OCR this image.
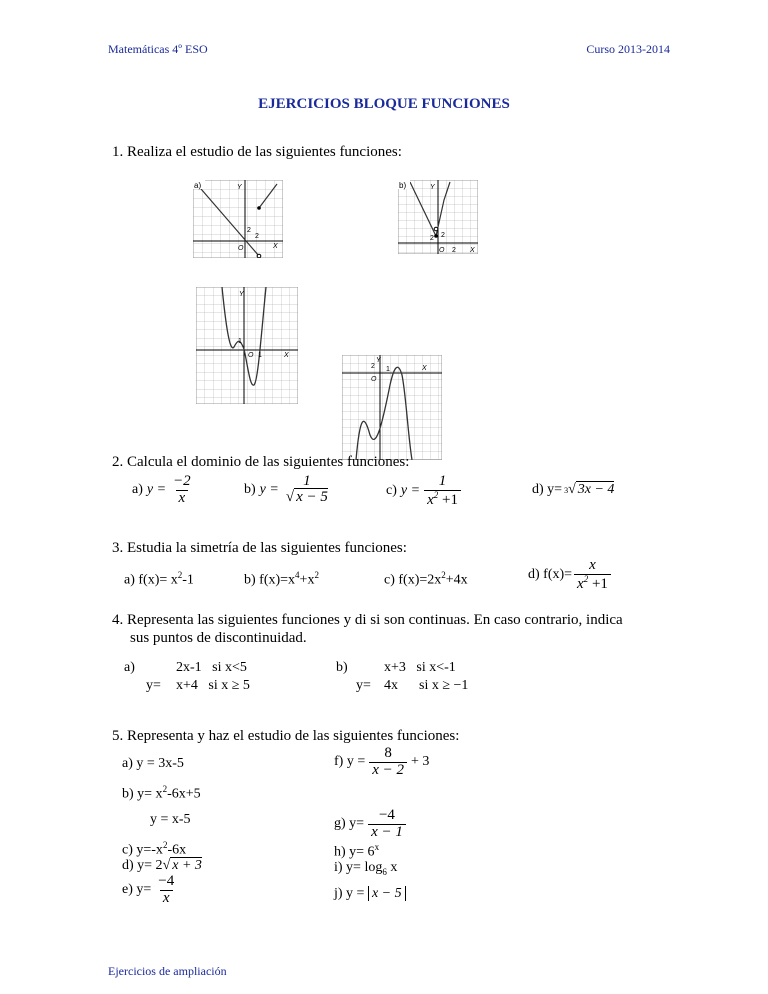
Matemáticas 4º ESO	Curso 2013-2014
EJERCICIOS BLOQUE FUNCIONES
1. Realiza el estudio de las siguientes funciones:
a)	Y
X
O
2
2
b)	Y
X
O 2
2
2
Y
X
O 1
1
Y
X
O
2 1
2. Calcula el dominio de las siguientes funciones:
a) $y = \frac{-2}{x}$	b) y =
1
√ x − 5	c) $y = \frac{1}{x^2 +1}$	d) y= 3 √ 3x − 4
3. Estudia la simetría de las siguientes funciones:
a) $f(x)= x^2-1$	b) $f(x)=x^4+x^2$	c) $f(x)=2x^2+4x$	d) $f(x)= \frac{x}{x^2 +1}$
4. Representa las siguientes funciones y di si son continuas. En caso contrario, indica
sus puntos de discontinuidad.
a)
y=
2x-1   si x<5
x+4   si x ≥ 5
b)
y=
x+3   si x<-1
4x      si x ≥ −1
5. Representa y haz el estudio de las siguientes funciones:
a) y = 3x-5
b) $y= x^2-6x+5$
y = x-5
c) $y=-x^2-6x$
d) y= 2√ x + 3
e) $y= \frac{-4}{x}$
f) $y = \frac{8}{x - 2} + 3$
g) $y= \frac{-4}{x - 1}$
h) $y= 6^x$
i) $y= \log_6 x$
j) y = x − 5
Ejercicios de ampliación
